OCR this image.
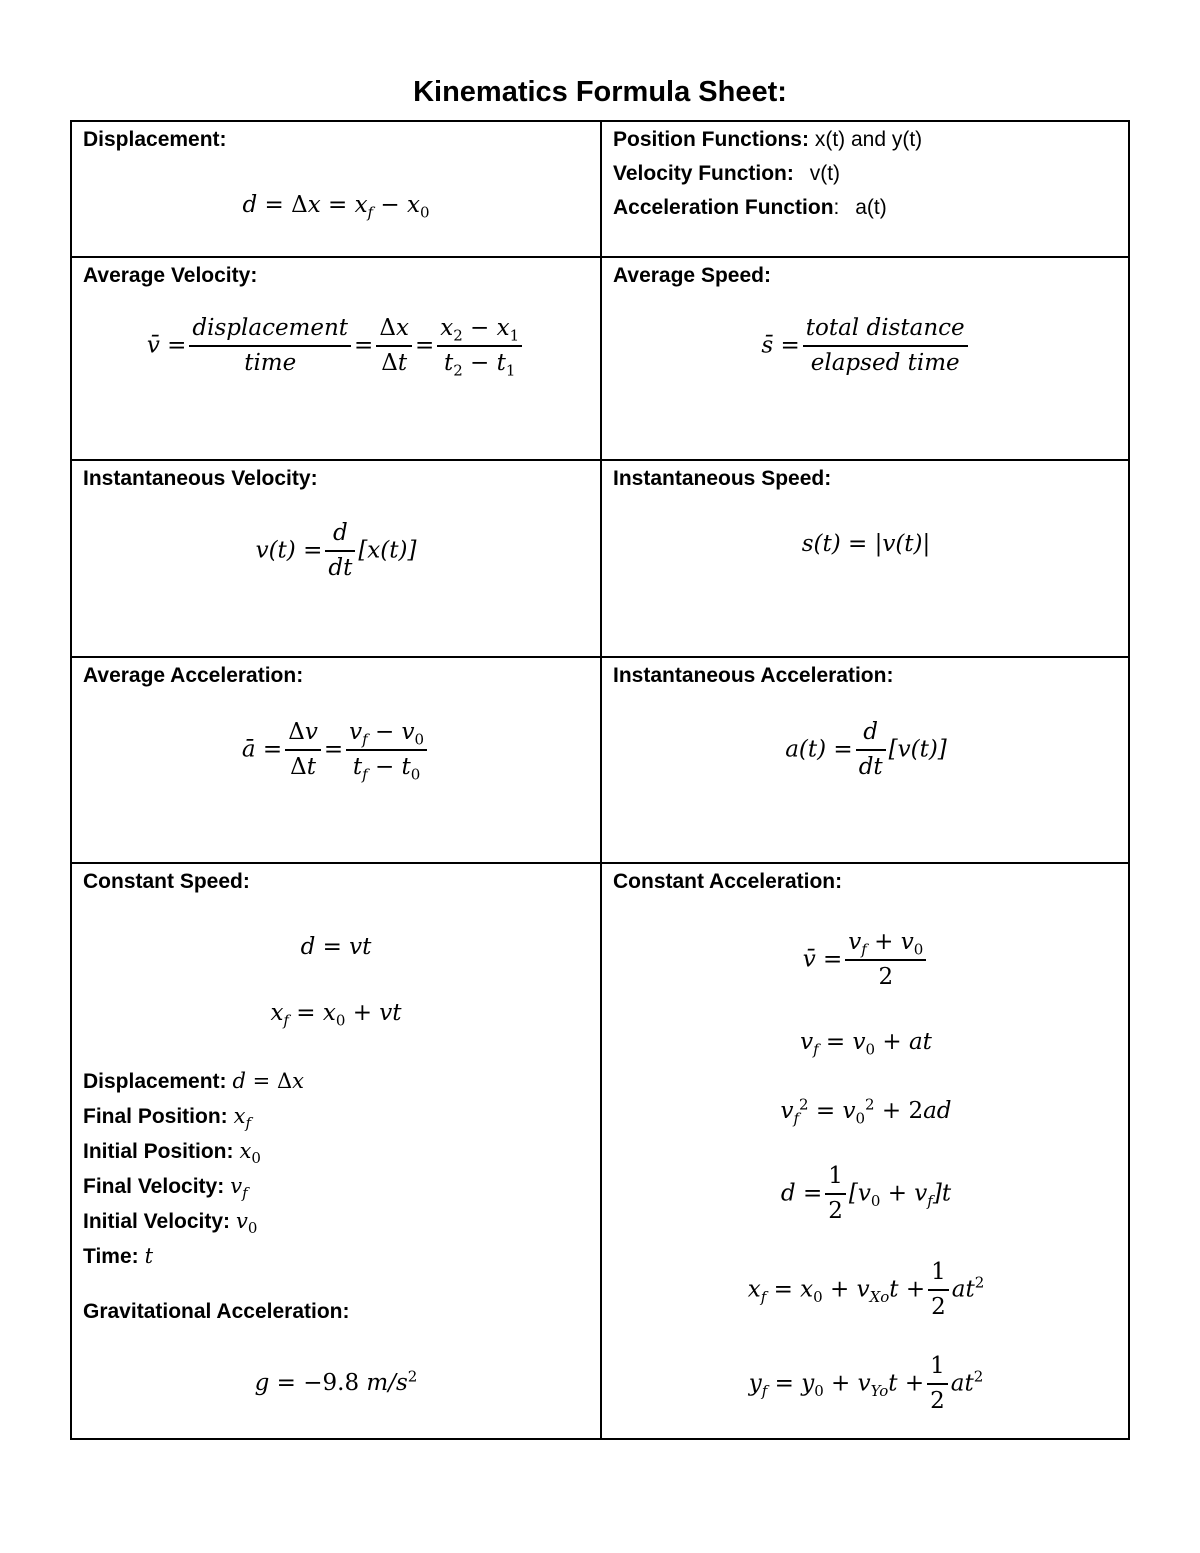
Kinematics Formula Sheet:
Displacement:
$d = \Delta x = x_f - x_0$
Position Functions: x(t) and y(t)
Velocity Function: v(t)
Acceleration Function: a(t)
Average Velocity:
v̄ = $\frac{\text{displacement}}{\text{time}} = \frac{\Delta x}{\Delta t} = \frac{x_2 - x_1}{t_2 - t_1}$
Average Speed:
s̄ = $\frac{\text{total distance}}{\text{elapsed time}}$
Instantaneous Velocity:
$v(t) = \frac{d}{dt} [x(t)]$
Instantaneous Speed:
s(t) = |v(t)|
Average Acceleration:
ā = $\frac{\Delta v}{\Delta t} = \frac{v_f - v_0}{t_f - t_0}$
Instantaneous Acceleration:
$a(t) = \frac{d}{dt} [v(t)]$
Constant Speed:
d = vt
$x_f = x_0$ + vt
Displacement: d = Δx
Final Position: $x_f$
Initial Position: $x_0$
Final Velocity: $v_f$
Initial Velocity: $v_0$
Time: t
Gravitational Acceleration:
g = −9.8 $m/s^2$
Constant Acceleration:
v̄ = $\frac{v_f + v_0}{2}$
$v_f = v_0$ + at
$v_f^2 = v_0^2 + 2ad$
$d = \frac{1}{2} [v_0 + v_f]t$
$x_f = x_0 + v_{Xo}t + \frac{1}{2} at^2$
$y_f = y_0 + v_{Yo}t + \frac{1}{2} at^2$
